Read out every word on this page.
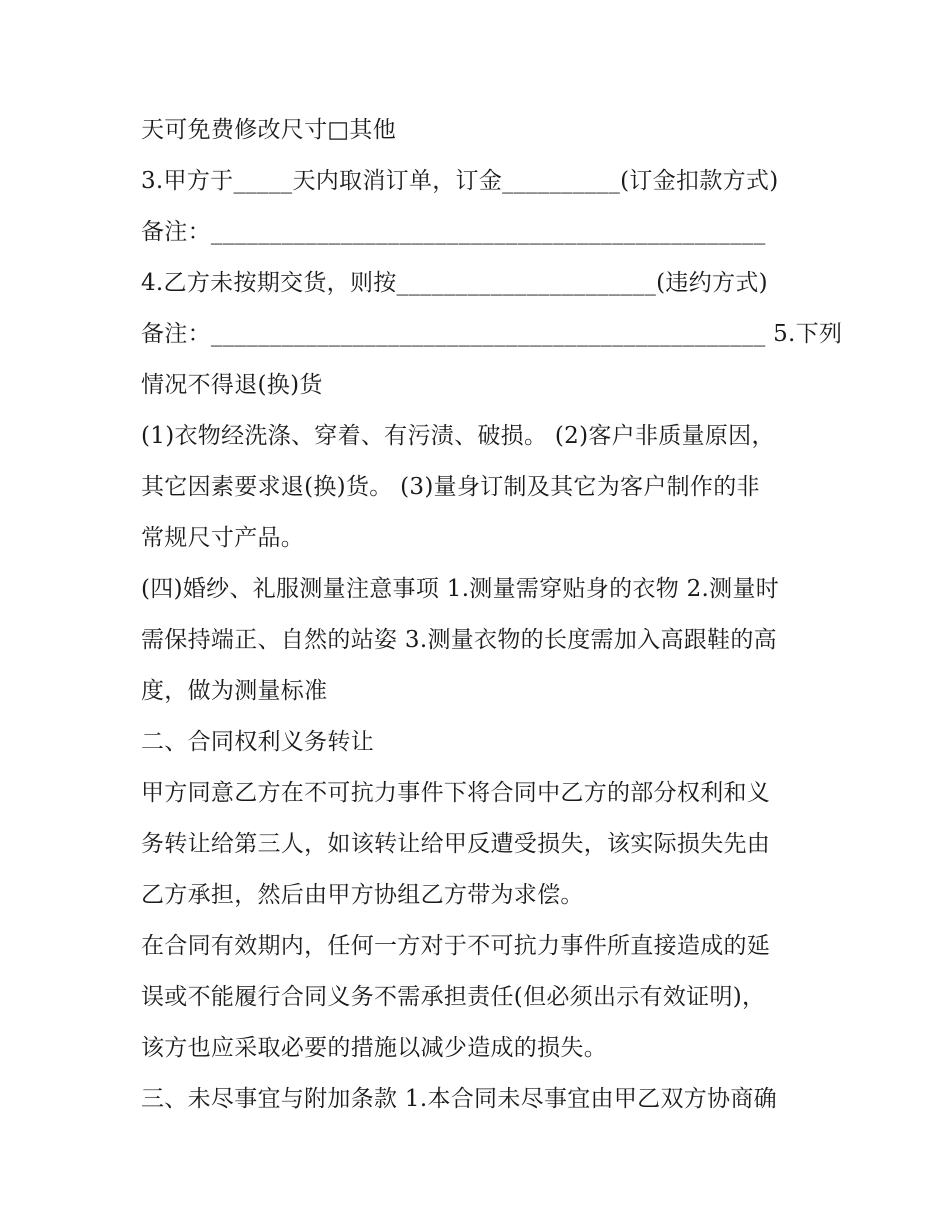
天可免费修改尺寸□其他
3.甲方于_____天内取消订单，订金__________(订金扣款方式)
备注：_______________________________________________
4.乙方未按期交货，则按______________________(违约方式)
备注：_______________________________________________ 5.下列
情况不得退(换)货
(1)衣物经洗涤、穿着、有污渍、破损。 (2)客户非质量原因，
其它因素要求退(换)货。 (3)量身订制及其它为客户制作的非
常规尺寸产品。
(四)婚纱、礼服测量注意事项 1.测量需穿贴身的衣物 2.测量时
需保持端正、自然的站姿 3.测量衣物的长度需加入高跟鞋的高
度，做为测量标准
二、合同权利义务转让
甲方同意乙方在不可抗力事件下将合同中乙方的部分权利和义
务转让给第三人，如该转让给甲反遭受损失，该实际损失先由
乙方承担，然后由甲方协组乙方带为求偿。
在合同有效期内，任何一方对于不可抗力事件所直接造成的延
误或不能履行合同义务不需承担责任(但必须出示有效证明)，
该方也应采取必要的措施以减少造成的损失。
三、未尽事宜与附加条款 1.本合同未尽事宜由甲乙双方协商确
